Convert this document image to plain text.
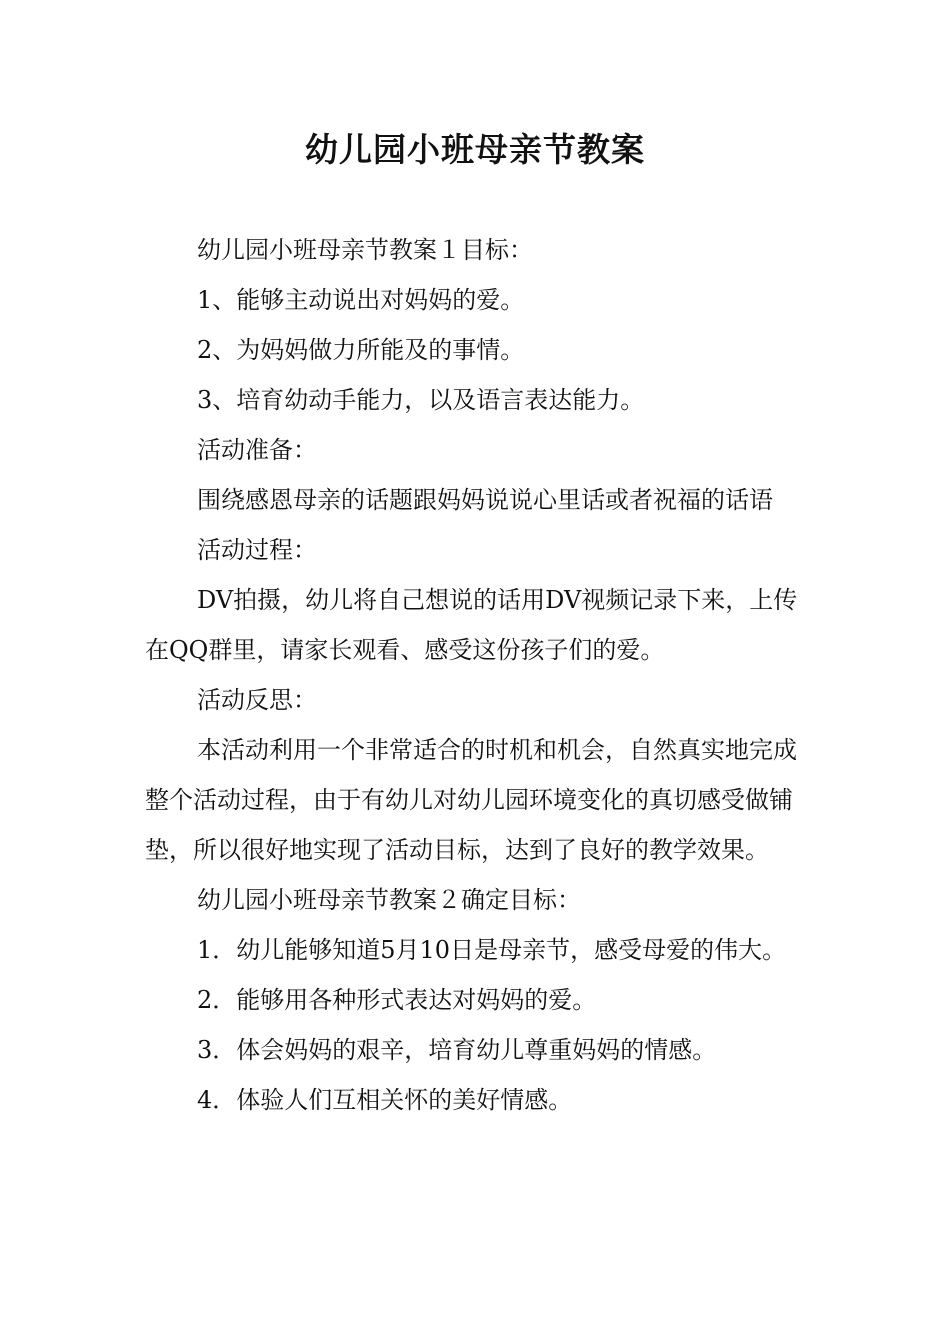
幼儿园小班母亲节教案

幼儿园小班母亲节教案１目标：

1、能够主动说出对妈妈的爱。

2、为妈妈做力所能及的事情。

3、培育幼动手能力，以及语言表达能力。

活动准备：

围绕感恩母亲的话题跟妈妈说说心里话或者祝福的话语

活动过程：

DV拍摄，幼儿将自己想说的话用DV视频记录下来，上传在QQ群里，请家长观看、感受这份孩子们的爱。

活动反思：

本活动利用一个非常适合的时机和机会，自然真实地完成整个活动过程，由于有幼儿对幼儿园环境变化的真切感受做铺垫，所以很好地实现了活动目标，达到了良好的教学效果。

幼儿园小班母亲节教案２确定目标：

1．幼儿能够知道5月10日是母亲节，感受母爱的伟大。

2．能够用各种形式表达对妈妈的爱。

3．体会妈妈的艰辛，培育幼儿尊重妈妈的情感。

4．体验人们互相关怀的美好情感。
